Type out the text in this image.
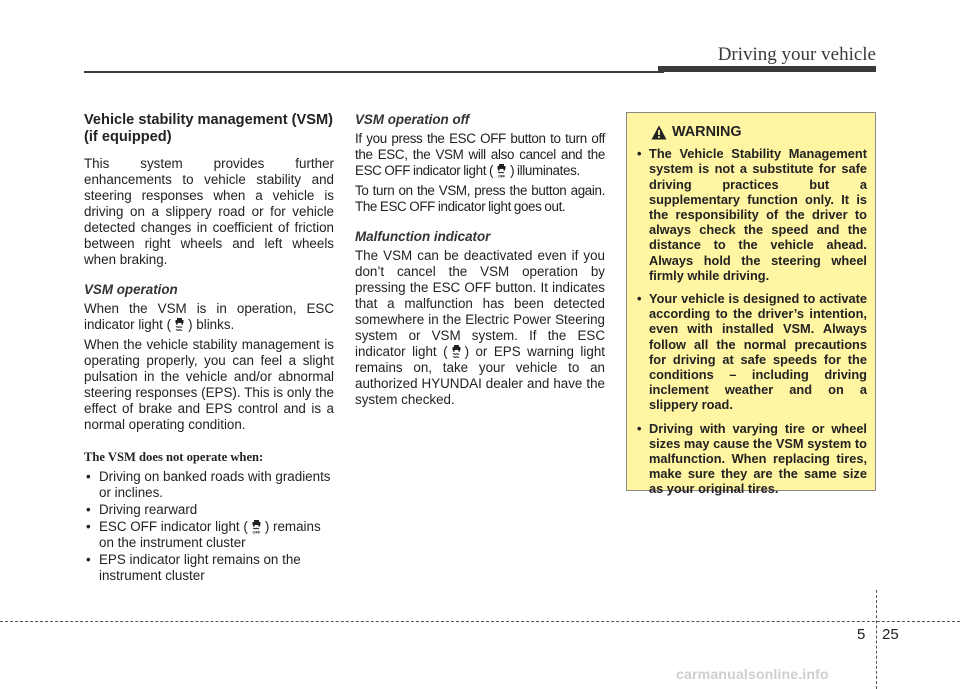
Driving your vehicle
Vehicle stability management (VSM) (if equipped)

This system provides further enhancements to vehicle stability and steering responses when a vehicle is driving on a slippery road or for vehicle detected changes in coefficient of friction between right wheels and left wheels when braking.

VSM operation

When the VSM is in operation, ESC indicator light ( ) blinks.

When the vehicle stability management is operating properly, you can feel a slight pulsation in the vehicle and/or abnormal steering responses (EPS). This is only the effect of brake and EPS control and is a normal operating condition.

The VSM does not operate when:
• Driving on banked roads with gradients or inclines.
• Driving rearward
• ESC OFF indicator light ( OFF ) remains on the instrument cluster
• EPS indicator light remains on the instrument cluster
VSM operation off

If you press the ESC OFF button to turn off the ESC, the VSM will also cancel and the ESC OFF indicator light ( OFF ) illuminates.

To turn on the VSM, press the button again. The ESC OFF indicator light goes out.

Malfunction indicator

The VSM can be deactivated even if you don’t cancel the VSM operation by pressing the ESC OFF button. It indicates that a malfunction has been detected somewhere in the Electric Power Steering system or VSM system. If the ESC indicator light ( ) or EPS warning light remains on, take your vehicle to an authorized HYUNDAI dealer and have the system checked.

WARNING
• The Vehicle Stability Management system is not a substitute for safe driving practices but a supplementary function only. It is the responsibility of the driver to always check the speed and the distance to the vehicle ahead. Always hold the steering wheel firmly while driving.
• Your vehicle is designed to activate according to the driver’s intention, even with installed VSM. Always follow all the normal precautions for driving at safe speeds for the conditions – including driving inclement weather and on a slippery road.
• Driving with varying tire or wheel sizes may cause the VSM system to malfunction. When replacing tires, make sure they are the same size as your original tires.
5 25
carmanualsonline.info
